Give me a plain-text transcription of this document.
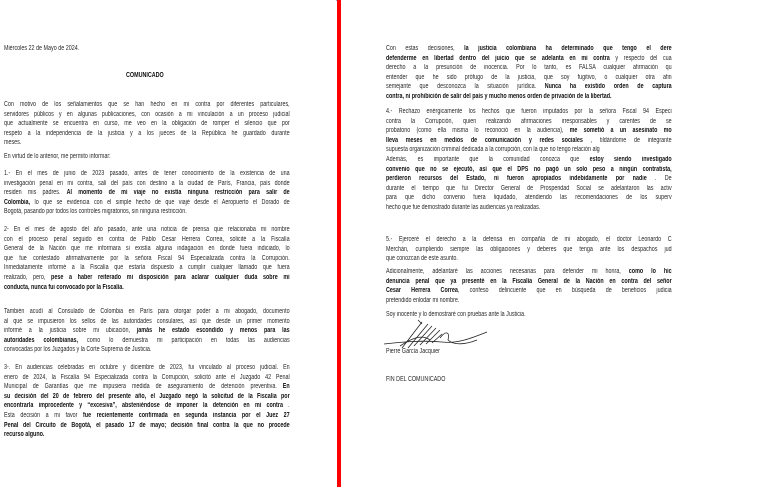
Miércoles 22 de Mayo de 2024.
COMUNICADO
Con motivo de los señalamientos que se han hecho en mi contra por diferentes particulares,
servidores públicos y en algunas publicaciones, con ocasión a mi vinculación a un proceso judicial
que actualmente se encuentra en curso, me veo en la obligación de romper el silencio que por
respeto a la independencia de la justicia y a los jueces de la República he guardado durante
meses.
En virtud de lo anterior, me permito informar:
1.- En el mes de junio de 2023 pasado, antes de tener conocimiento de la existencia de una
investigación penal en mi contra, salí del país con destino a la ciudad de París, Francia, país donde
residen mis padres. Al momento de mi viaje no existía ninguna restricción para salir de
Colombia, lo que se evidencia con el simple hecho de que viajé desde el Aeropuerto el Dorado de
Bogotá, pasando por todos los controles migratorios, sin ninguna restricción.
2- En el mes de agosto del año pasado, ante una noticia de prensa que relacionaba mi nombre
con el proceso penal seguido en contra de Pablo Cesar Herrera Correa, solicité a la Fiscalía
General de la Nación que me informara si existía alguna indagación en donde fuera indiciado, lo
que fue contestado afirmativamente por la señora Fiscal 94 Especializada contra la Corrupción.
Inmediatamente informé a la Fiscalía que estaría dispuesto a cumplir cualquier llamado que fuera
realizado, pero, pese a haber reiterado mi disposición para aclarar cualquier duda sobre mi
conducta, nunca fui convocado por la Fiscalía.
También acudí al Consulado de Colombia en París para otorgar poder a mi abogado, documento
al que se impusieron los sellos de las autoridades consulares, así que desde un primer momento
informé a la justicia sobre mi ubicación, jamás he estado escondido y menos para las
autoridades colombianas, como lo demuestra mi participación en todas las audiencias
convocadas por los Juzgados y la Corte Suprema de Justicia.
3-. En audiencias celebradas en octubre y diciembre de 2023, fui vinculado al proceso judicial. En
enero de 2024, la Fiscalía 94 Especializada contra la Corrupción, solicitó ante el Juzgado 42 Penal
Municipal de Garantías que me impusiera medida de aseguramiento de detención preventiva. En
su decisión del 20 de febrero del presente año, el Juzgado negó la solicitud de la Fiscalía por
encontrarla improcedente y “excesiva”, absteniéndose de imponer la detención en mi contra .
Esta decisión a mi favor fue recientemente confirmada en segunda instancia por el Juez 27
Penal del Circuito de Bogotá, el pasado 17 de mayo; decisión final contra la que no procede
recurso alguno.
Con estas decisiones, la justicia colombiana ha determinado que tengo el dere
defenderme en libertad dentro del juicio que se adelanta en mi contra y respecto del cua
derecho a la presunción de inocencia. Por lo tanto, es FALSA cualquier afirmación qu
entender que he sido prófugo de la justicia, que soy fugitivo, o cualquier otra afin
semejante que desconozca la situación jurídica. Nunca ha existido orden de captura
contra, ni prohibición de salir del país y mucho menos orden de privación de la libertad.
4.- Rechazo enérgicamente los hechos que fueron imputados por la señora Fiscal 94 Especi
contra la Corrupción, quien realizando afirmaciones irresponsables y carentes de se
probatorio (como ella misma lo reconoció en la audiencia), me sometió a un asesinato mo
lleva meses en medios de comunicación y redes sociales , tildándome de integrante
supuesta organización criminal dedicada a la corrupción, con la que no tengo relación alg
Además, es importante que la comunidad conozca que estoy siendo investigado
convenio que no se ejecutó, así que el DPS no pagó un solo peso a ningún contratista,
perdieron recursos del Estado, ni fueron apropiados indebidamente por nadie . De
durante el tiempo que fui Director General de Prosperidad Social se adelantaron las activ
para que dicho convenio fuera liquidado, atendiendo las recomendaciones de los superv
hecho que fue demostrado durante las audiencias ya realizadas.
5.- Ejerceré el derecho a la defensa en compañía de mi abogado, el doctor Leonardo C
Merchán, cumpliendo siempre las obligaciones y deberes que tenga ante los despachos jud
que conozcan de este asunto.
Adicionalmente, adelantaré las acciones necesarias para defender mi honra, como lo hic
denuncia penal que ya presenté en la Fiscalía General de la Nación en contra del señor
Cesar Herrera Correa, confeso delincuente que en búsqueda de beneficios judicia
pretendido enlodar mi nombre.
Soy inocente y lo demostraré con pruebas ante la Justicia.
Pierre García Jacquier
FIN DEL COMUNICADO
